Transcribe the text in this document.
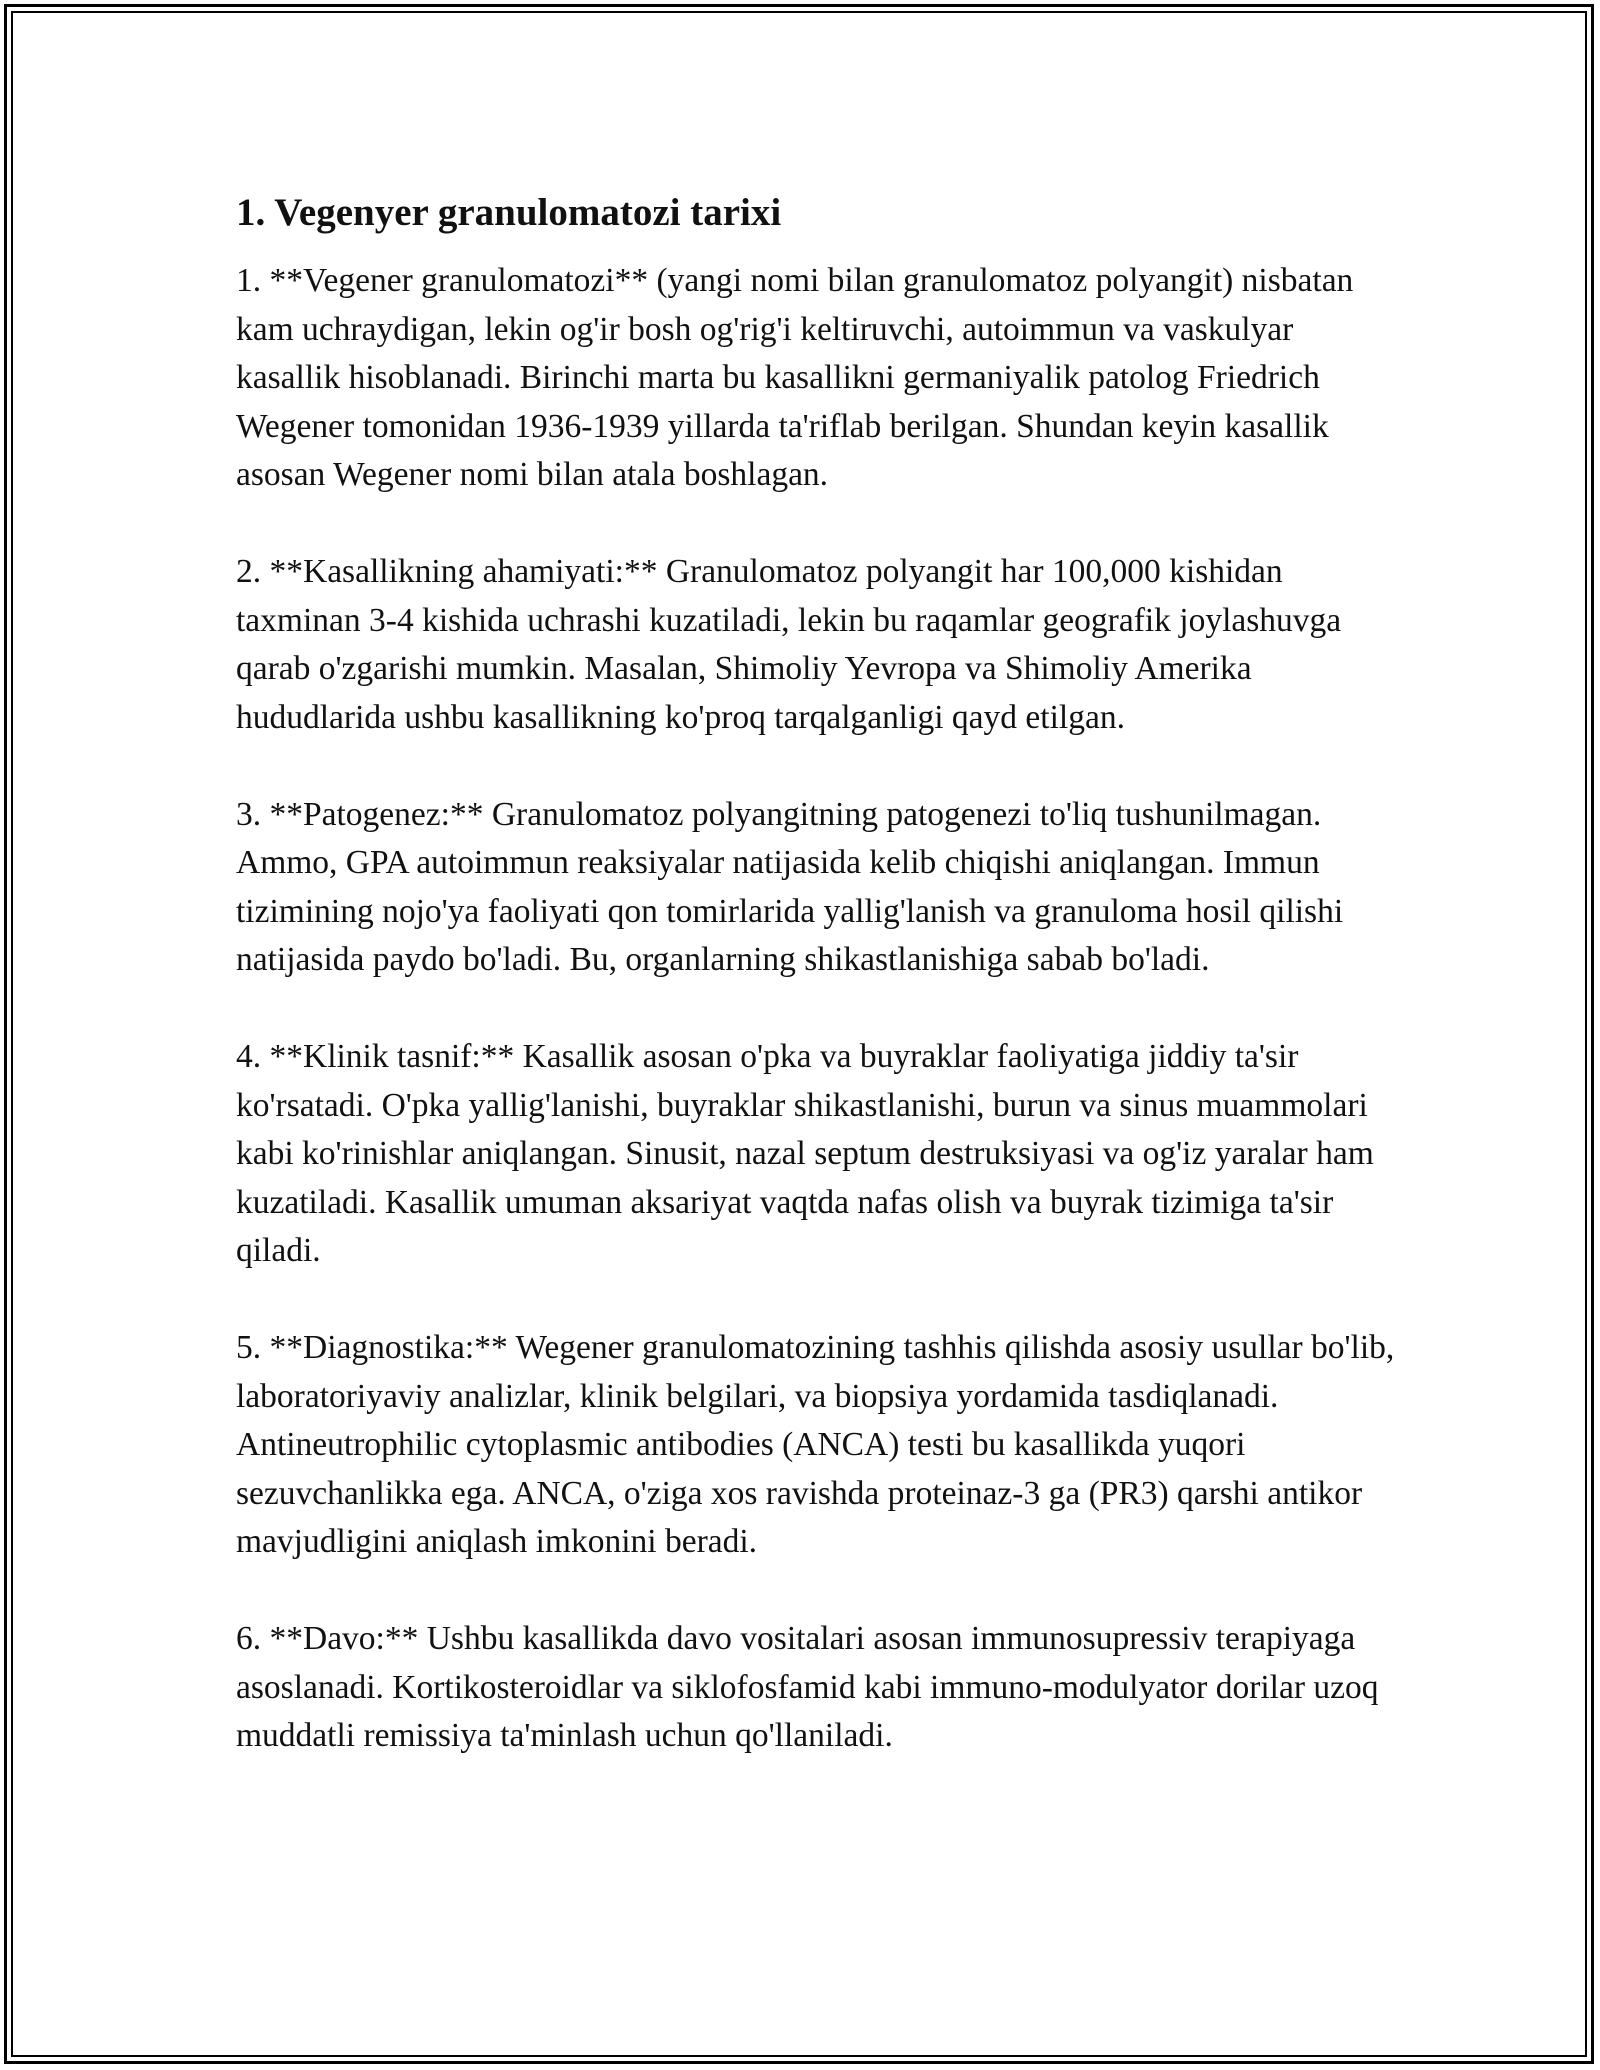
1. Vegenyer granulomatozi tarixi

1. **Vegener granulomatozi** (yangi nomi bilan granulomatoz polyangit) nisbatan kam uchraydigan, lekin og'ir bosh og'rig'i keltiruvchi, autoimmun va vaskulyar kasallik hisoblanadi. Birinchi marta bu kasallikni germaniyalik patolog Friedrich Wegener tomonidan 1936-1939 yillarda ta'riflab berilgan. Shundan keyin kasallik asosan Wegener nomi bilan atala boshlagan.

2. **Kasallikning ahamiyati:** Granulomatoz polyangit har 100,000 kishidan taxminan 3-4 kishida uchrashi kuzatiladi, lekin bu raqamlar geografik joylashuvga qarab o'zgarishi mumkin. Masalan, Shimoliy Yevropa va Shimoliy Amerika hududlarida ushbu kasallikning ko'proq tarqalganligi qayd etilgan.

3. **Patogenez:** Granulomatoz polyangitning patogenezi to'liq tushunilmagan. Ammo, GPA autoimmun reaksiyalar natijasida kelib chiqishi aniqlangan. Immun tizimining nojo'ya faoliyati qon tomirlarida yallig'lanish va granuloma hosil qilishi natijasida paydo bo'ladi. Bu, organlarning shikastlanishiga sabab bo'ladi.

4. **Klinik tasnif:** Kasallik asosan o'pka va buyraklar faoliyatiga jiddiy ta'sir ko'rsatadi. O'pka yallig'lanishi, buyraklar shikastlanishi, burun va sinus muammolari kabi ko'rinishlar aniqlangan. Sinusit, nazal septum destruksiyasi va og'iz yaralar ham kuzatiladi. Kasallik umuman aksariyat vaqtda nafas olish va buyrak tizimiga ta'sir qiladi.

5. **Diagnostika:** Wegener granulomatozining tashhis qilishda asosiy usullar bo'lib, laboratoriyaviy analizlar, klinik belgilari, va biopsiya yordamida tasdiqlanadi. Antineutrophilic cytoplasmic antibodies (ANCA) testi bu kasallikda yuqori sezuvchanlikka ega. ANCA, o'ziga xos ravishda proteinaz-3 ga (PR3) qarshi antikor mavjudligini aniqlash imkonini beradi.

6. **Davo:** Ushbu kasallikda davo vositalari asosan immunosupressiv terapiyaga asoslanadi. Kortikosteroidlar va siklofosfamid kabi immuno-modulyator dorilar uzoq muddatli remissiya ta'minlash uchun qo'llaniladi.
